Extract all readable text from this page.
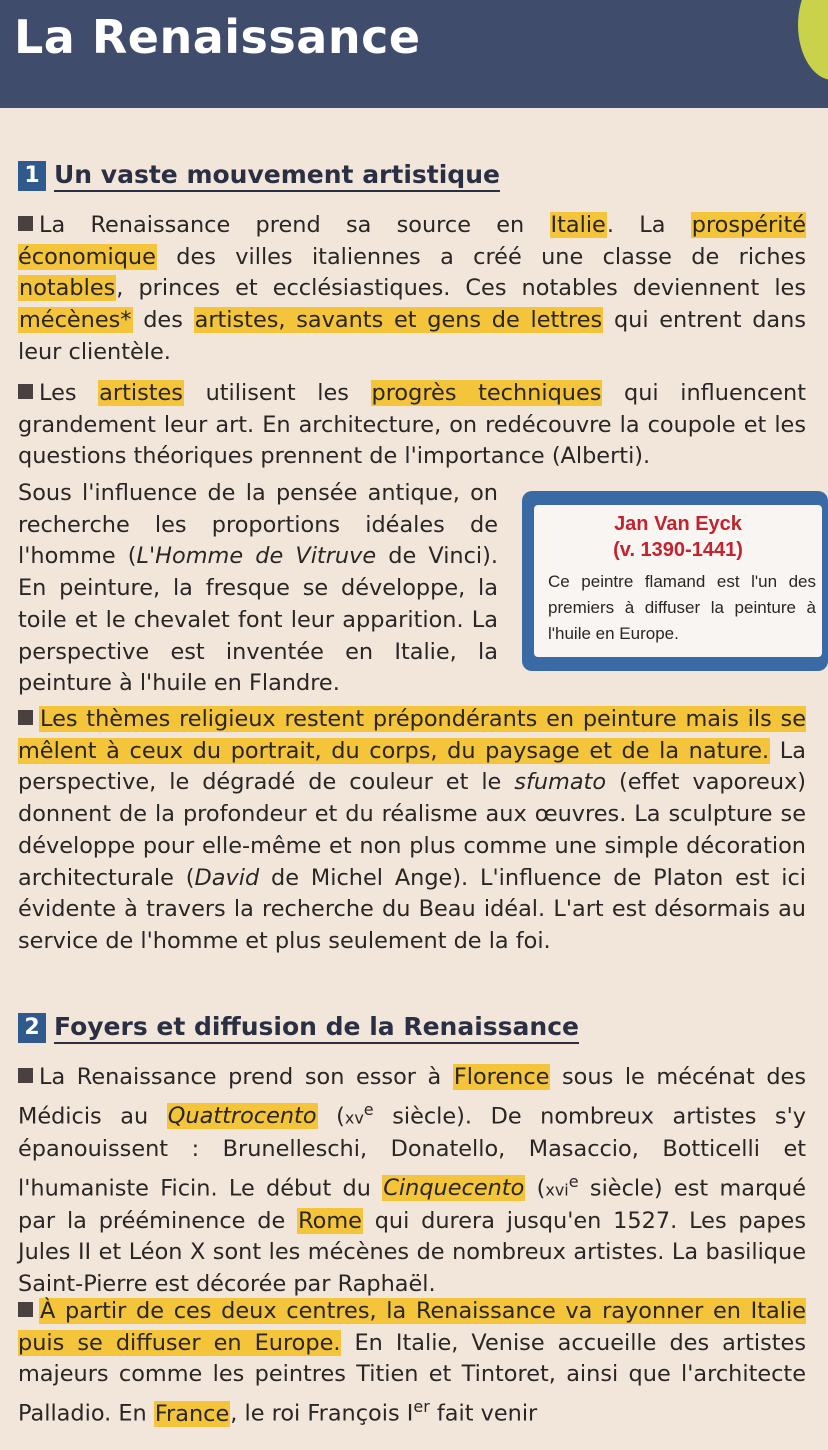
La Renaissance
1 Un vaste mouvement artistique

La Renaissance prend sa source en Italie. La prospérité économique des villes italiennes a créé une classe de riches notables, princes et ecclésiastiques. Ces notables deviennent les mécènes* des artistes, savants et gens de lettres qui entrent dans leur clientèle.

Les artistes utilisent les progrès techniques qui influencent grandement leur art. En architecture, on redécouvre la coupole et les questions théoriques prennent de l'importance (Alberti).

Sous l'influence de la pensée antique, on recherche les proportions idéales de l'homme (L'Homme de Vitruve de Vinci). En peinture, la fresque se développe, la toile et le chevalet font leur apparition. La perspective est inventée en Italie, la peinture à l'huile en Flandre.

Jan Van Eyck
(v. 1390-1441)
Ce peintre flamand est l'un des premiers à diffuser la peinture à l'huile en Europe.

Les thèmes religieux restent prépondérants en peinture mais ils se mêlent à ceux du portrait, du corps, du paysage et de la nature. La perspective, le dégradé de couleur et le sfumato (effet vaporeux) donnent de la profondeur et du réalisme aux œuvres. La sculpture se développe pour elle-même et non plus comme une simple décoration architecturale (David de Michel Ange). L'influence de Platon est ici évidente à travers la recherche du Beau idéal. L'art est désormais au service de l'homme et plus seulement de la foi.

2 Foyers et diffusion de la Renaissance

La Renaissance prend son essor à Florence sous le mécénat des Médicis au Quattrocento ($xv^e$ siècle). De nombreux artistes s'y épanouissent : Brunelleschi, Donatello, Masaccio, Botticelli et l'humaniste Ficin. Le début du Cinquecento (xvi$^e$ siècle) est marqué par la prééminence de Rome qui durera jusqu'en 1527. Les papes Jules II et Léon X sont les mécènes de nombreux artistes. La basilique Saint-Pierre est décorée par Raphaël.

À partir de ces deux centres, la Renaissance va rayonner en Italie puis se diffuser en Europe. En Italie, Venise accueille des artistes majeurs comme les peintres Titien et Tintoret, ainsi que l'architecte Palladio. En France, le roi François Ier fait venir
